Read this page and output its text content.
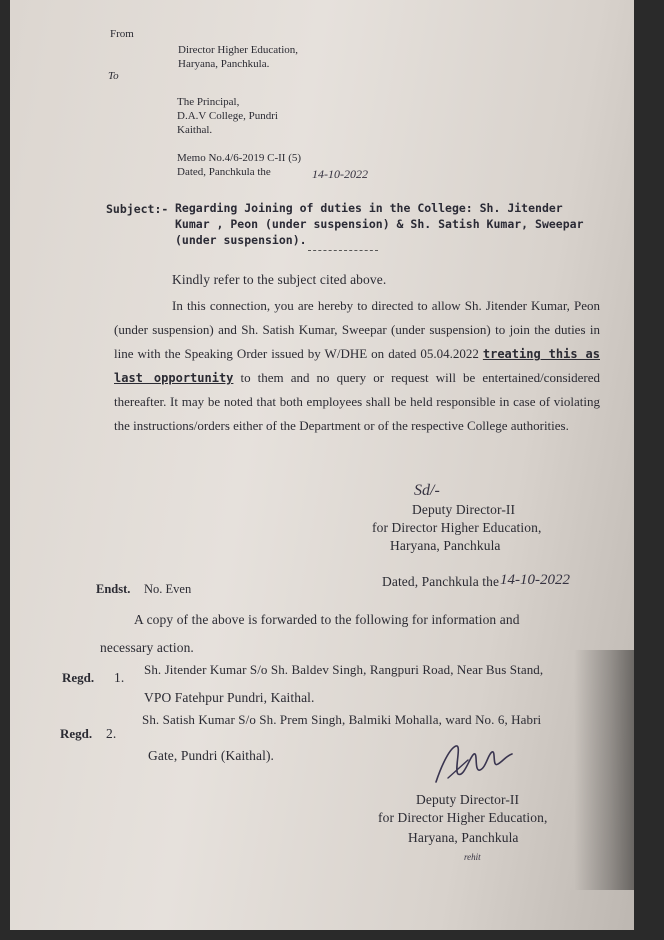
From
Director Higher Education,
Haryana, Panchkula.
To
The Principal,
D.A.V College, Pundri
Kaithal.
Memo No.4/6-2019 C-II (5)
Dated, Panchkula the	14-10-2022
Subject:- Regarding Joining of duties in the College: Sh. Jitender Kumar , Peon (under suspension) & Sh. Satish Kumar, Sweepar (under suspension).
Kindly refer to the subject cited above.
In this connection, you are hereby to directed to allow Sh. Jitender Kumar, Peon (under suspension) and Sh. Satish Kumar, Sweepar (under suspension) to join the duties in line with the Speaking Order issued by W/DHE on dated 05.04.2022 treating this as last opportunity to them and no query or request will be entertained/considered thereafter. It may be noted that both employees shall be held responsible in case of violating the instructions/orders either of the Department or of the respective College authorities.
Sd/-
Deputy Director-II
for Director Higher Education,
Haryana, Panchkula
Endst. No. Even	Dated, Panchkula the 14-10-2022
A copy of the above is forwarded to the following for information and
necessary action.
Regd. 1.
Sh. Jitender Kumar S/o Sh. Baldev Singh, Rangpuri Road, Near Bus Stand,
VPO Fatehpur Pundri, Kaithal.
Regd. 2.
Sh. Satish Kumar S/o Sh. Prem Singh, Balmiki Mohalla, ward No. 6, Habri
Gate, Pundri (Kaithal).
Deputy Director-II
for Director Higher Education,
Haryana, Panchkula
rehit
